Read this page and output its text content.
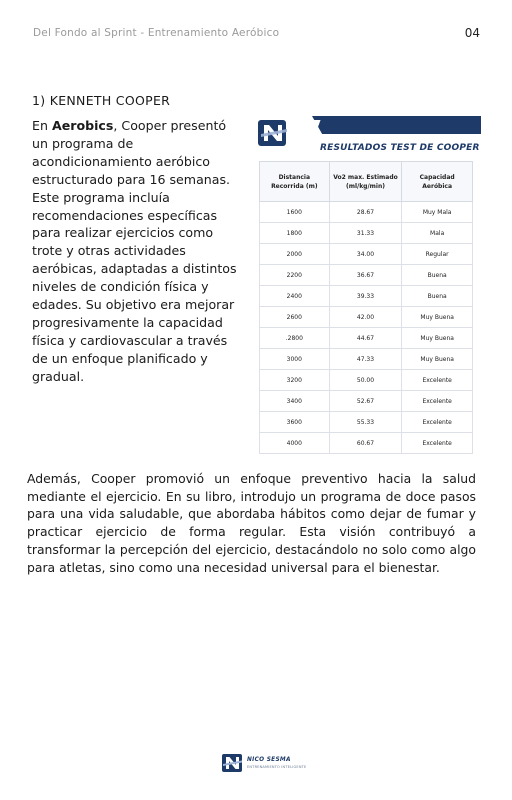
Del Fondo al Sprint - Entrenamiento Aeróbico	04
1) KENNETH COOPER

En Aerobics, Cooper presentó un programa de acondicionamiento aeróbico estructurado para 16 semanas. Este programa incluía recomendaciones específicas para realizar ejercicios como trote y otras actividades aeróbicas, adaptadas a distintos niveles de condición física y edades. Su objetivo era mejorar progresivamente la capacidad física y cardiovascular a través de un enfoque planificado y gradual.

RESULTADOS TEST DE COOPER
Distancia Recorrida (m)	Vo2 max. Estimado (ml/kg/min)	Capacidad Aeróbica
1600	28.67	Muy Mala
1800	31.33	Mala
2000	34.00	Regular
2200	36.67	Buena
2400	39.33	Buena
2600	42.00	Muy Buena
.2800	44.67	Muy Buena
3000	47.33	Muy Buena
3200	50.00	Excelente
3400	52.67	Excelente
3600	55.33	Excelente
4000	60.67	Excelente

Además, Cooper promovió un enfoque preventivo hacia la salud mediante el ejercicio. En su libro, introdujo un programa de doce pasos para una vida saludable, que abordaba hábitos como dejar de fumar y practicar ejercicio de forma regular. Esta visión contribuyó a transformar la percepción del ejercicio, destacándolo no solo como algo para atletas, sino como una necesidad universal para el bienestar.

NICO SESMA
ENTRENAMIENTO INTELIGENTE
